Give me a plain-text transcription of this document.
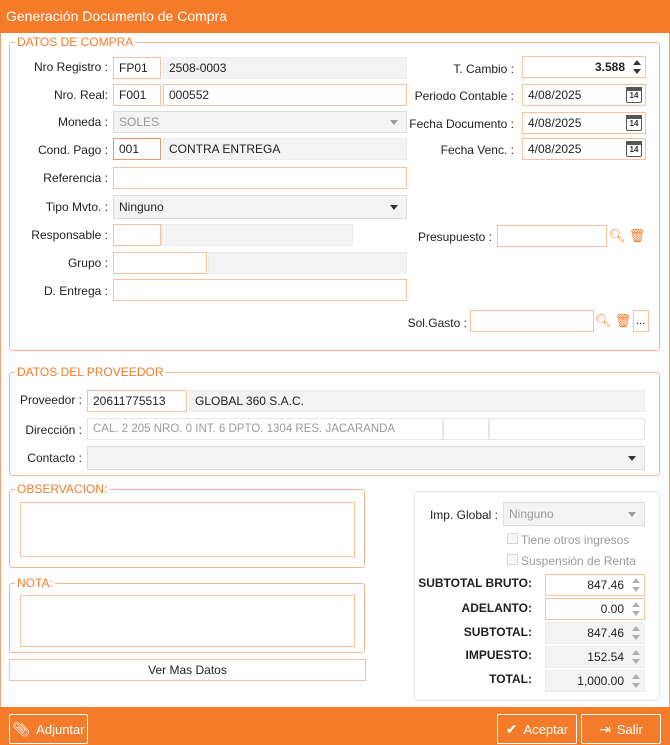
Generación Documento de Compra
DATOS DE COMPRA
Nro Registro : FP01	2508-0003
Nro. Real: F001	000552
Moneda : SOLES
Cond. Pago : 001	CONTRA ENTREGA
Referencia :
Tipo Mvto. : Ninguno
Responsable :
Grupo :
D. Entrega :
T. Cambio :	3.588
Periodo Contable :	4/08/2025	14
Fecha Documento :	4/08/2025	14
Fecha Venc. :	4/08/2025	14
Presupuesto :	🔍︎ 🗑︎
Sol.Gasto :	🔍︎ 🗑︎ ...
DATOS DEL PROVEEDOR
Proveedor : 20611775513	GLOBAL 360 S.A.C.
Dirección : CAL. 2 205 NRO. 0 INT. 6 DPTO. 1304 RES. JACARANDA
Contacto :
OBSERVACION:
NOTA:
Ver Mas Datos
Imp. Global : Ninguno
Tiene otros ingresos
Suspensión de Renta
SUBTOTAL BRUTO:	847.46
ADELANTO:	0.00
SUBTOTAL:	847.46
IMPUESTO:	152.54
TOTAL:	1,000.00
📎︎ Adjuntar	✔ Aceptar	⇥ Salir
